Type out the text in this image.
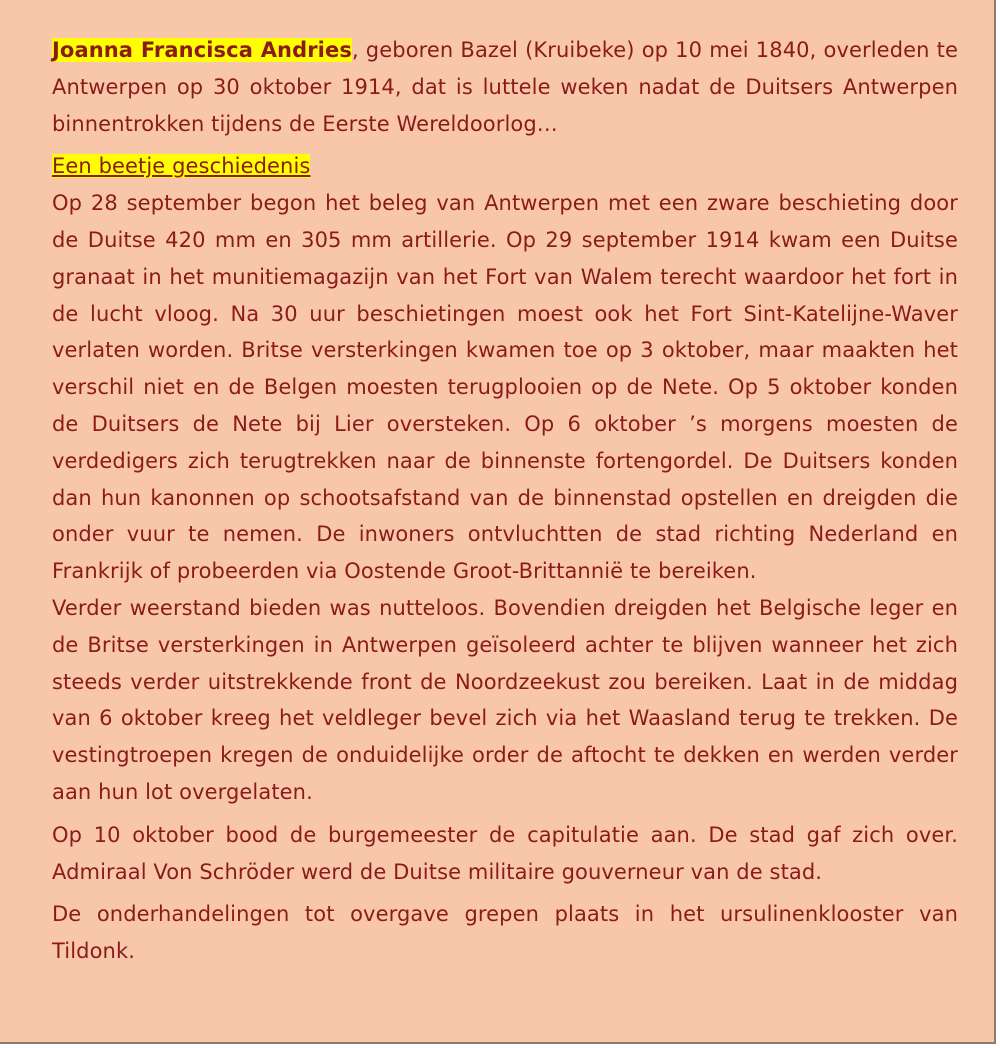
Joanna Francisca Andries, geboren Bazel (Kruibeke) op 10 mei 1840, overleden te Antwerpen op 30 oktober 1914, dat is luttele weken nadat de Duitsers Antwerpen binnentrokken tijdens de Eerste Wereldoorlog…

Een beetje geschiedenis

Op 28 september begon het beleg van Antwerpen met een zware beschieting door de Duitse 420 mm en 305 mm artillerie. Op 29 september 1914 kwam een Duitse granaat in het munitiemagazijn van het Fort van Walem terecht waardoor het fort in de lucht vloog. Na 30 uur beschietingen moest ook het Fort Sint-Katelijne-Waver verlaten worden. Britse versterkingen kwamen toe op 3 oktober, maar maakten het verschil niet en de Belgen moesten terugplooien op de Nete. Op 5 oktober konden de Duitsers de Nete bij Lier oversteken. Op 6 oktober ’s morgens moesten de verdedigers zich terugtrekken naar de binnenste fortengordel. De Duitsers konden dan hun kanonnen op schootsafstand van de binnenstad opstellen en dreigden die onder vuur te nemen. De inwoners ontvluchtten de stad richting Nederland en Frankrijk of probeerden via Oostende Groot-Brittannië te bereiken.

Verder weerstand bieden was nutteloos. Bovendien dreigden het Belgische leger en de Britse versterkingen in Antwerpen geïsoleerd achter te blijven wanneer het zich steeds verder uitstrekkende front de Noordzeekust zou bereiken. Laat in de middag van 6 oktober kreeg het veldleger bevel zich via het Waasland terug te trekken. De vestingtroepen kregen de onduidelijke order de aftocht te dekken en werden verder aan hun lot overgelaten.

Op 10 oktober bood de burgemeester de capitulatie aan. De stad gaf zich over. Admiraal Von Schröder werd de Duitse militaire gouverneur van de stad.

De onderhandelingen tot overgave grepen plaats in het ursulinenklooster van Tildonk.
